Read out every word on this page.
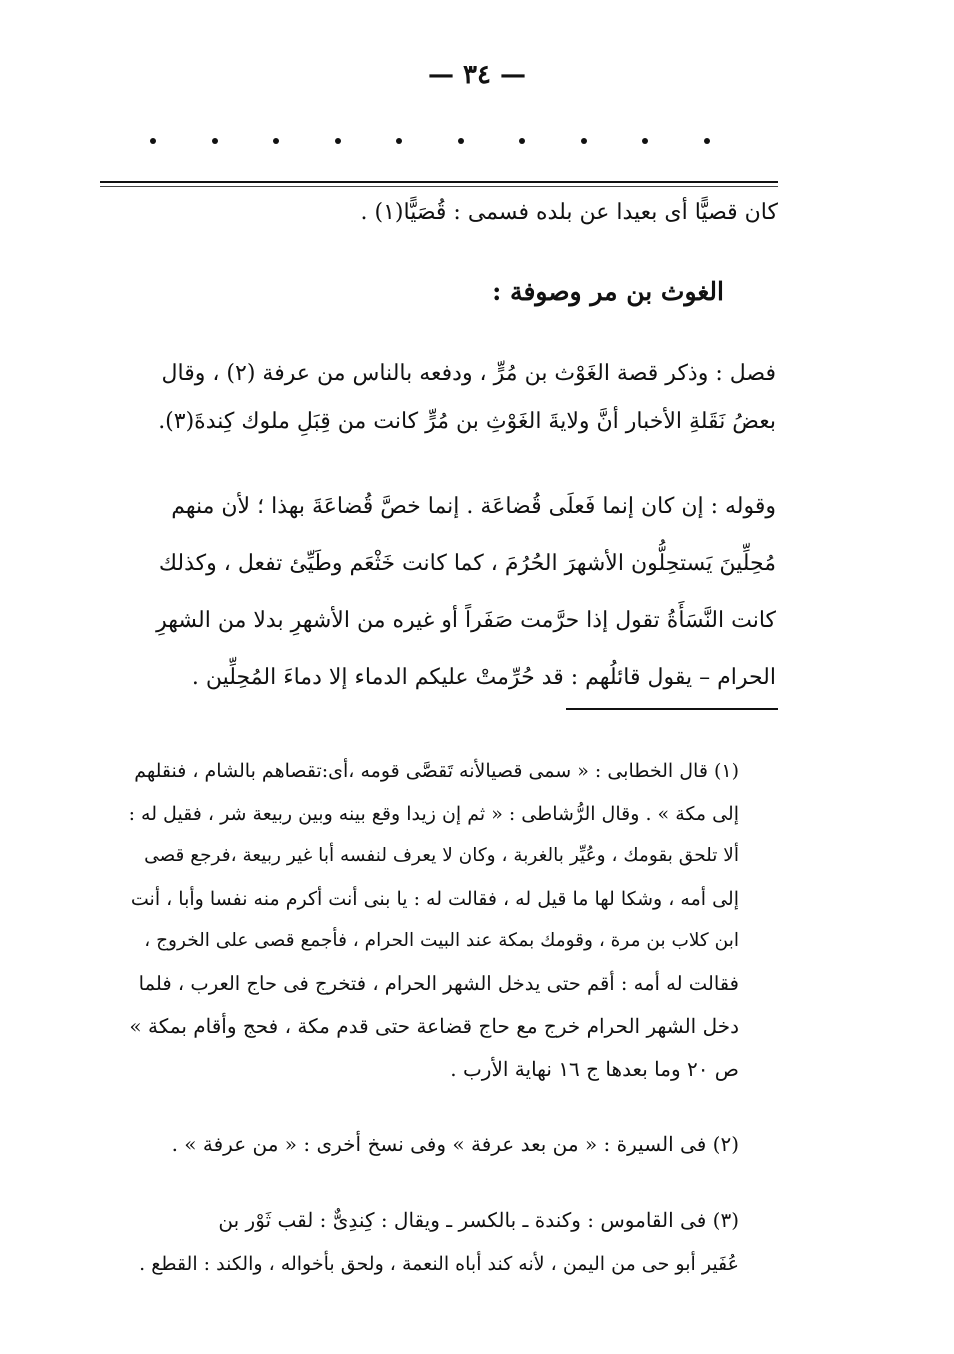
— ٣٤ —
كان قصيًّا أى بعيدا عن بلده فسمى : قُصَيًّا(١) .
الغوث بن مر وصوفة :
فصل : وذكر قصة الغَوْث بن مُرٍّ ، ودفعه بالناس من عرفة (٢) ، وقال
بعضُ نَقَلةِ الأخبار أنَّ ولايةَ الغَوْثِ بن مُرٍّ كانت من قِبَلِ ملوك كِندةَ(٣).
وقوله : إن كان إنما فَعلَى قُضاعَة . إنما خصَّ قُضاعَةَ بهذا ؛ لأن منهم
مُحِلِّينَ يَستحِلُّون الأشهرَ الحُرُمَ ، كما كانت خَثْعَم وطَيِّئ تفعل ، وكذلك
كانت النَّسَأَةُ تقول إذا حرَّمت صَفَراً أو غيره من الأشهرِ بدلا من الشهرِ
الحرام – يقول قائلُهم : قد حُرِّمتْ عليكم الدماء إلا دماءَ المُحِلِّين .
(١) قال الخطابى : « سمى قصيالأنه تَقصَّى قومه ،أى:تقصاهم بالشام ، فنقلهم
إلى مكة » . وقال الرُّشاطى : « ثم إن زيدا وقع بينه وبين ربيعة شر ، فقيل له :
ألا تلحق بقومك ، وعُيِّر بالغربة ، وكان لا يعرف لنفسه أبا غير ربيعة ،فرجع قصى
إلى أمه ، وشكا لها ما قيل له ، فقالت له : يا بنى أنت أكرم منه نفسا وأبا ، أنت
ابن كلاب بن مرة ، وقومك بمكة عند البيت الحرام ، فأجمع قصى على الخروج ،
فقالت له أمه : أقم حتى يدخل الشهر الحرام ، فتخرج فى حاج العرب ، فلما
دخل الشهر الحرام خرج مع حاج قضاعة حتى قدم مكة ، فحج وأقام بمكة »
ص ٢٠ وما بعدها ج ١٦ نهاية الأرب .
(٢) فى السيرة : « من بعد عرفة » وفى نسخ أخرى : « من عرفة » .
(٣) فى القاموس : وكندة ـ بالكسر ـ ويقال : كِندِىٌّ : لقب ثَوْر بن
عُفَير أبو حى من اليمن ، لأنه كند أباه النعمة ، ولحق بأخواله ، والكند : القطع .
